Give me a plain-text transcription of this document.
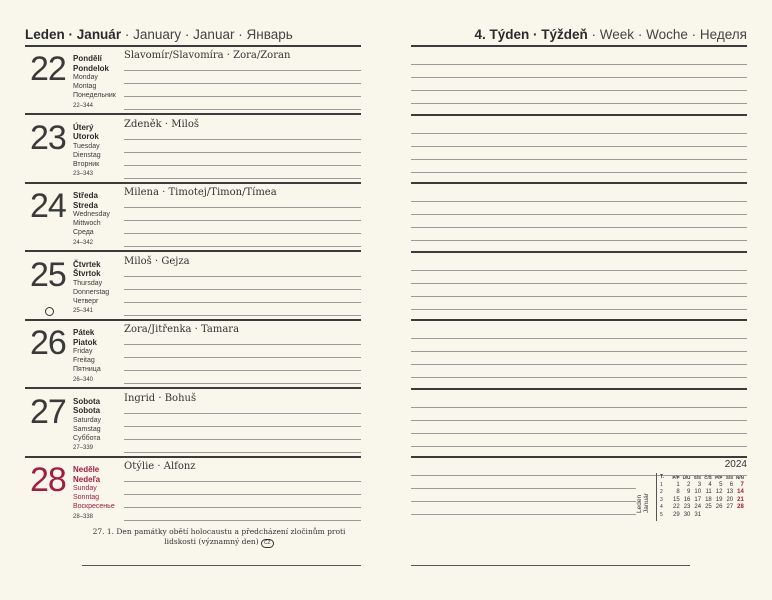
Leden · Január · January · Januar · Январь
22 Pondělí
Pondelok
Monday
Montag
Понедельник
22–344
Slavomír/Slavomíra · Zora/Zoran
23 Úterý
Utorok
Tuesday
Dienstag
Вторник
23–343
Zdeněk · Miloš
24 Středa
Streda
Wednesday
Mittwoch
Среда
24–342
Milena · Timotej/Timon/Tímea
25 Čtvrtek
Štvrtok
Thursday
Donnerstag
Четверг
25–341
Miloš · Gejza
26 Pátek
Piatok
Friday
Freitag
Пятница
26–340
Zora/Jitřenka · Tamara
27 Sobota
Sobota
Saturday
Samstag
Суббота
27–339
Ingrid · Bohuš
28 Neděle
Nedeľa
Sunday
Sonntag
Воскресенье
28–338
Otýlie · Alfonz
27. 1. Den památky obětí holocaustu a předcházení zločinům proti lidskosti (významný den) CZ
4. Týden · Týždeň · Week · Woche · Неделя
2024
Leden Január
T.	P/P Ú/U S/S Č/Š P/P S/S N/N
1	1	2	3	4	5	6	7
2	8	9 10 11 12 13 14
3	15 16 17 18 19 20 21
4	22 23 24 25 26 27 28
5	29 30 31
